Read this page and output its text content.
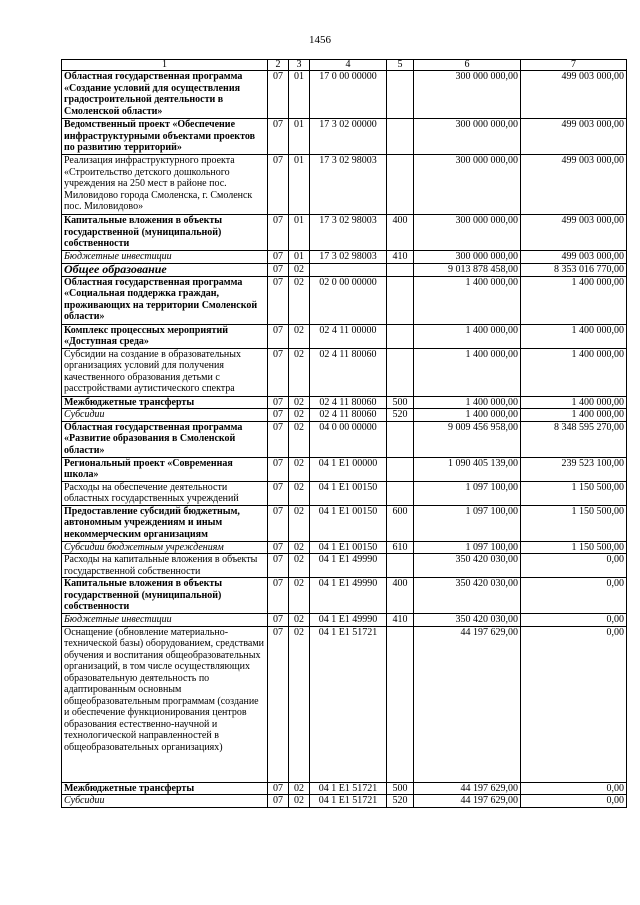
1456
1	2	3	4	5	6	7
Областная государственная программа «Создание условий для осуществления градостроительной деятельности в Смоленской области»	07	01	17 0 00 00000		300 000 000,00	499 003 000,00
Ведомственный проект «Обеспечение инфраструктурными объектами проектов по развитию территорий»	07	01	17 3 02 00000		300 000 000,00	499 003 000,00
Реализация инфраструктурного проекта «Строительство детского дошкольного учреждения на 250 мест в районе пос. Миловидово города Смоленска, г. Смоленск пос. Миловидово»	07	01	17 3 02 98003		300 000 000,00	499 003 000,00
Капитальные вложения в объекты государственной (муниципальной) собственности	07	01	17 3 02 98003	400	300 000 000,00	499 003 000,00
Бюджетные инвестиции	07	01	17 3 02 98003	410	300 000 000,00	499 003 000,00
Общее образование	07	02			9 013 878 458,00	8 353 016 770,00
Областная государственная программа «Социальная поддержка граждан, проживающих на территории Смоленской области»	07	02	02 0 00 00000		1 400 000,00	1 400 000,00
Комплекс процессных мероприятий «Доступная среда»	07	02	02 4 11 00000		1 400 000,00	1 400 000,00
Субсидии на создание в образовательных организациях условий для получения качественного образования детьми с расстройствами аутистического спектра	07	02	02 4 11 80060		1 400 000,00	1 400 000,00
Межбюджетные трансферты	07	02	02 4 11 80060	500	1 400 000,00	1 400 000,00
Субсидии	07	02	02 4 11 80060	520	1 400 000,00	1 400 000,00
Областная государственная программа «Развитие образования в Смоленской области»	07	02	04 0 00 00000		9 009 456 958,00	8 348 595 270,00
Региональный проект «Современная школа»	07	02	04 1 E1 00000		1 090 405 139,00	239 523 100,00
Расходы на обеспечение деятельности областных государственных учреждений	07	02	04 1 E1 00150		1 097 100,00	1 150 500,00
Предоставление субсидий бюджетным, автономным учреждениям и иным некоммерческим организациям	07	02	04 1 E1 00150	600	1 097 100,00	1 150 500,00
Субсидии бюджетным учреждениям	07	02	04 1 E1 00150	610	1 097 100,00	1 150 500,00
Расходы на капитальные вложения в объекты государственной собственности	07	02	04 1 E1 49990		350 420 030,00	0,00
Капитальные вложения в объекты государственной (муниципальной) собственности	07	02	04 1 E1 49990	400	350 420 030,00	0,00
Бюджетные инвестиции	07	02	04 1 E1 49990	410	350 420 030,00	0,00
Оснащение (обновление материально-технической базы) оборудованием, средствами обучения и воспитания общеобразовательных организаций, в том числе осуществляющих образовательную деятельность по адаптированным основным общеобразовательным программам (создание и обеспечение функционирования центров образования естественно-научной и технологической направленностей в общеобразовательных организациях)	07	02	04 1 E1 51721		44 197 629,00	0,00
Межбюджетные трансферты	07	02	04 1 E1 51721	500	44 197 629,00	0,00
Субсидии	07	02	04 1 E1 51721	520	44 197 629,00	0,00
